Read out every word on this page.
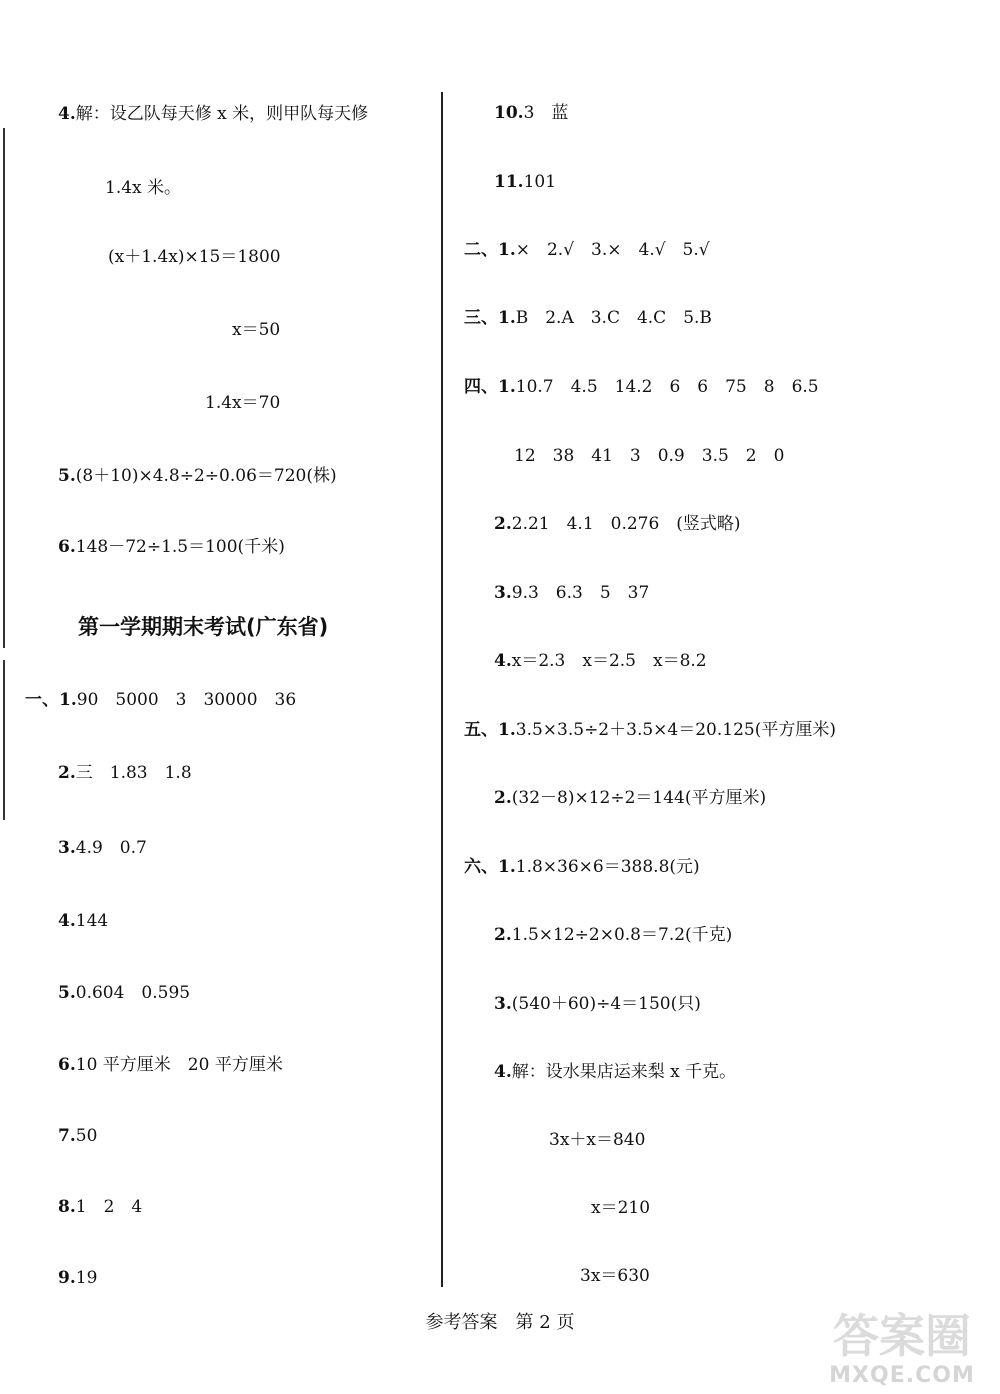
4.解：设乙队每天修 x 米，则甲队每天修
1.4x 米。
(x＋1.4x)×15＝1800
x＝50
1.4x＝70
5.(8＋10)×4.8÷2÷0.06＝720(株)
6.148－72÷1.5＝100(千米)
第一学期期末考试(广东省)
一、1.90　5000　3　30000　36
2.三　1.83　1.8
3.4.9　0.7
4.144
5.0.604　0.595
6.10 平方厘米　20 平方厘米
7.50
8.1　2　4
9.19
10.3　蓝
11.101
二、1.×　2.√　3.×　4.√　5.√
三、1.B　2.A　3.C　4.C　5.B
四、1.10.7　4.5　14.2　6　6　75　8　6.5
12　38　41　3　0.9　3.5　2　0
2.2.21　4.1　0.276　(竖式略)
3.9.3　6.3　5　37
4.x＝2.3　x＝2.5　x＝8.2
五、1.3.5×3.5÷2＋3.5×4＝20.125(平方厘米)
2.(32－8)×12÷2＝144(平方厘米)
六、1.1.8×36×6＝388.8(元)
2.1.5×12÷2×0.8＝7.2(千克)
3.(540＋60)÷4＝150(只)
4.解：设水果店运来梨 x 千克。
3x＋x＝840
x＝210
3x＝630
参考答案　第 2 页	答案圈
MXQE.COM
